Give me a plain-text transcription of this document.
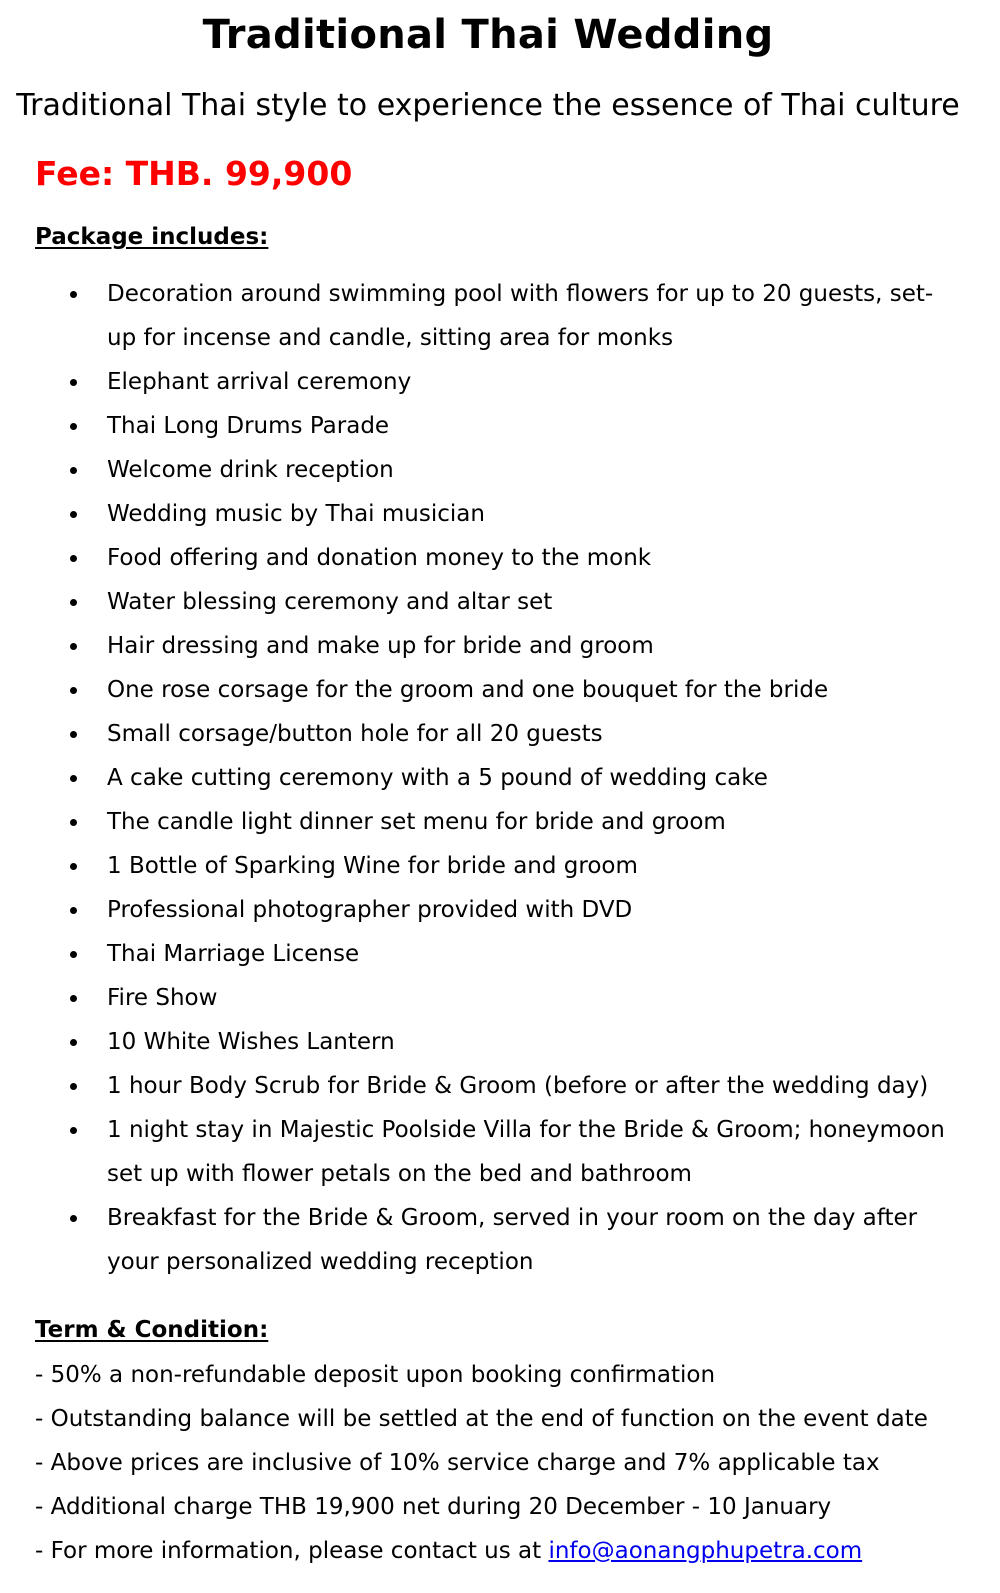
Traditional Thai Wedding
Traditional Thai style to experience the essence of Thai culture
Fee: THB. 99,900
Package includes:
Decoration around swimming pool with flowers for up to 20 guests, set-up for incense and candle, sitting area for monks
Elephant arrival ceremony
Thai Long Drums Parade
Welcome drink reception
Wedding music by Thai musician
Food offering and donation money to the monk
Water blessing ceremony and altar set
Hair dressing and make up for bride and groom
One rose corsage for the groom and one bouquet for the bride
Small corsage/button hole for all 20 guests
A cake cutting ceremony with a 5 pound of wedding cake
The candle light dinner set menu for bride and groom
1 Bottle of Sparking Wine for bride and groom
Professional photographer provided with DVD
Thai Marriage License
Fire Show
10 White Wishes Lantern
1 hour Body Scrub for Bride & Groom (before or after the wedding day)
1 night stay in Majestic Poolside Villa for the Bride & Groom; honeymoon set up with flower petals on the bed and bathroom
Breakfast for the Bride & Groom, served in your room on the day after your personalized wedding reception
Term & Condition:
- 50% a non-refundable deposit upon booking confirmation
- Outstanding balance will be settled at the end of function on the event date
- Above prices are inclusive of 10% service charge and 7% applicable tax
- Additional charge THB 19,900 net during 20 December - 10 January
- For more information, please contact us at info@aonangphupetra.com
